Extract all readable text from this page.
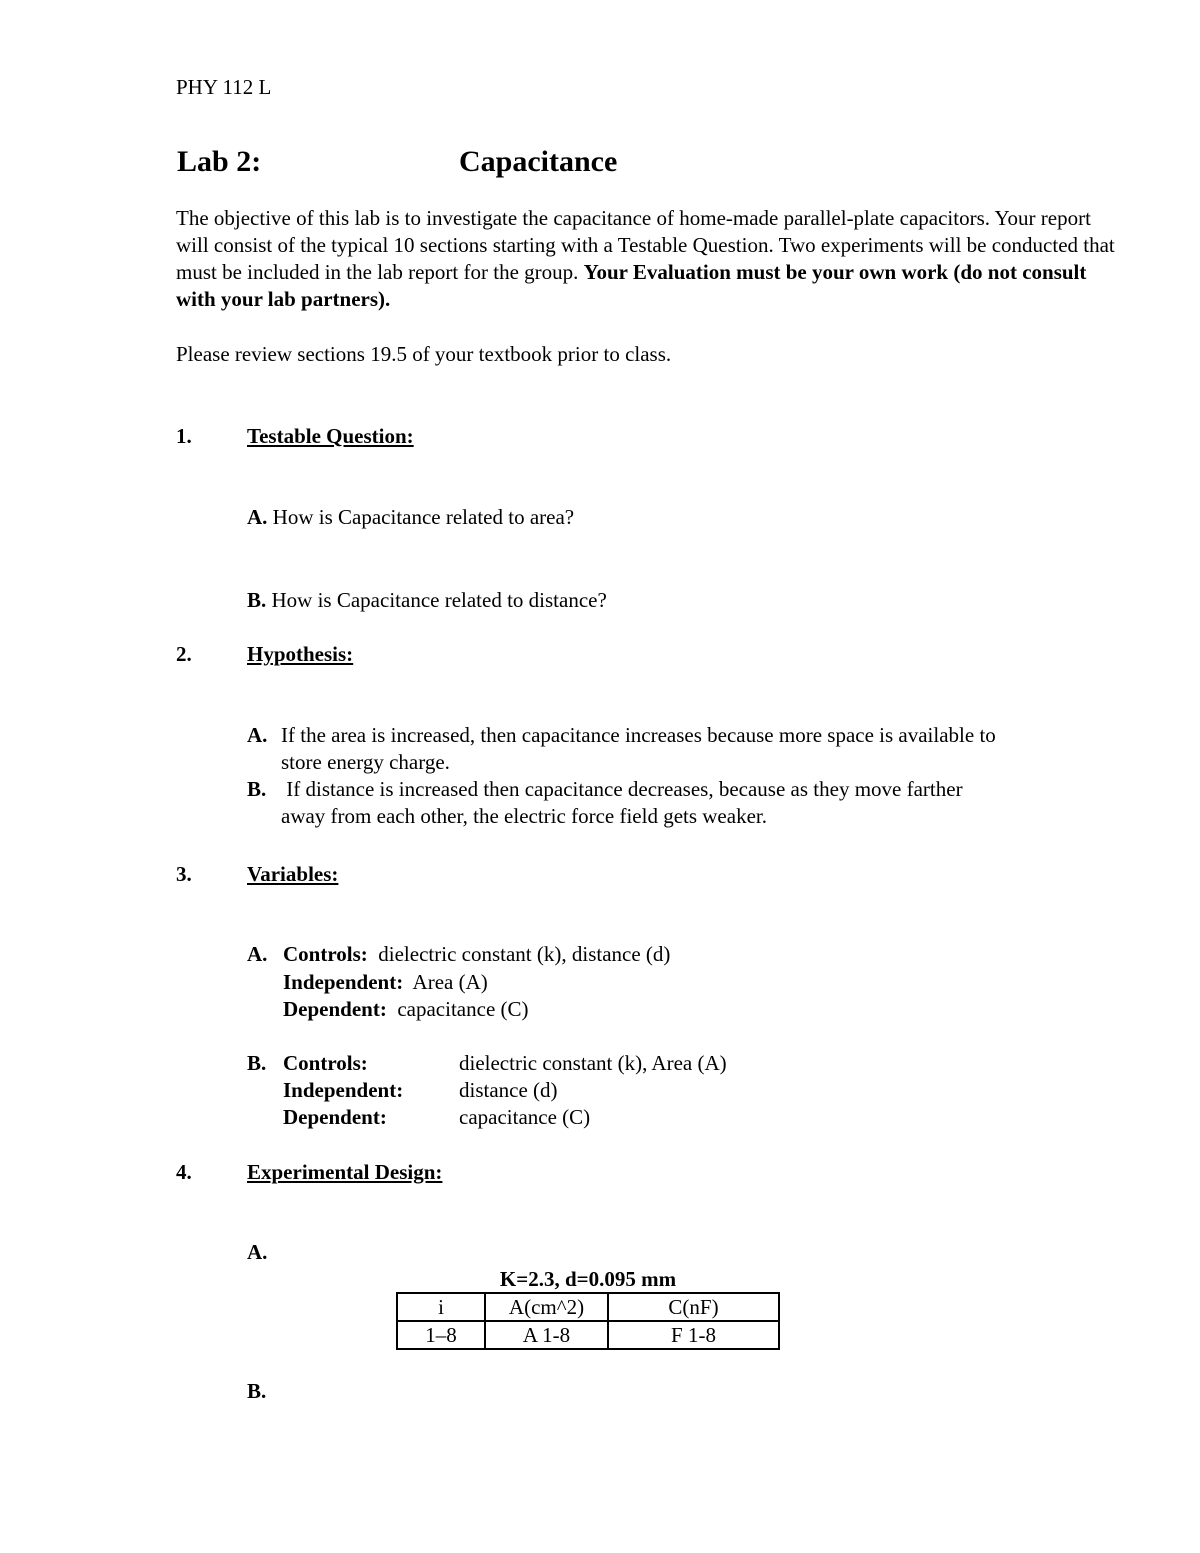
PHY 112 L
Lab 2:	Capacitance
The objective of this lab is to investigate the capacitance of home-made parallel-plate capacitors. Your report will consist of the typical 10 sections starting with a Testable Question. Two experiments will be conducted that must be included in the lab report for the group. Your Evaluation must be your own work (do not consult with your lab partners).
Please review sections 19.5 of your textbook prior to class.
1.	Testable Question:
A. How is Capacitance related to area?
B. How is Capacitance related to distance?
2.	Hypothesis:
A. If the area is increased, then capacitance increases because more space is available to
store energy charge.
B. If distance is increased then capacitance decreases, because as they move farther
away from each other, the electric force field gets weaker.
3.	Variables:
A. Controls: dielectric constant (k), distance (d)
Independent: Area (A)
Dependent: capacitance (C)
B. Controls:	dielectric constant (k), Area (A)
Independent:	distance (d)
Dependent:	capacitance (C)
4.	Experimental Design:
A.
K=2.3, d=0.095 mm
i	A(cm^2)	C(nF)
1–8	A 1-8	F 1-8
B.
